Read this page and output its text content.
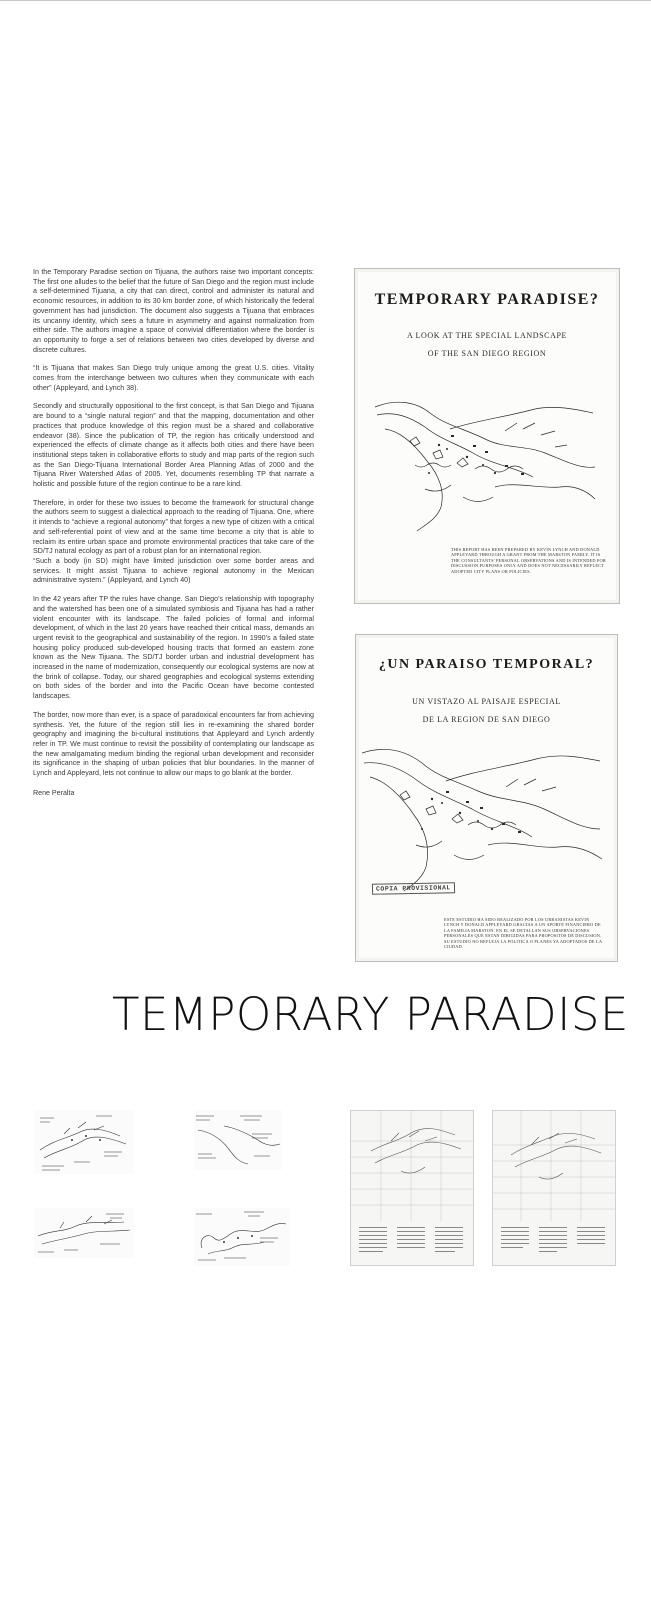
In the Temporary Paradise section on Tijuana, the authors raise two important concepts: The first one alludes to the belief that the future of San Diego and the region must include a self-determined Tijuana, a city that can direct, control and administer its natural and economic resources, in addition to its 30 km border zone, of which historically the federal government has had jurisdiction. The document also suggests a Tijuana that embraces its uncanny identity, which sees a future in asymmetry and against normalization from either side. The authors imagine a space of convivial differentiation where the border is an opportunity to forge a set of relations between two cities developed by diverse and discrete cultures.

“It is Tijuana that makes San Diego truly unique among the great U.S. cities. Vitality comes from the interchange between two cultures when they communicate with each other” (Appleyard, and Lynch 38).

Secondly and structurally oppositional to the first concept, is that San Diego and Tijuana are bound to a “single natural region” and that the mapping, documentation and other practices that produce knowledge of this region must be a shared and collaborative endeavor (38). Since the publication of TP, the region has critically understood and experienced the effects of climate change as it affects both cities and there have been institutional steps taken in collaborative efforts to study and map parts of the region such as the San Diego-Tijuana International Border Area Planning Atlas of 2000 and the Tijuana River Watershed Atlas of 2005. Yet, documents resembling TP that narrate a holistic and possible future of the region continue to be a rare kind.

Therefore, in order for these two issues to become the framework for structural change the authors seem to suggest a dialectical approach to the reading of Tijuana. One, where it intends to “achieve a regional autonomy” that forges a new type of citizen with a critical and self-referential point of view and at the same time become a city that is able to reclaim its entire urban space and promote environmental practices that take care of the SD/TJ natural ecology as part of a robust plan for an international region.

“Such a body (in SD) might have limited jurisdiction over some border areas and services. It might assist Tijuana to achieve regional autonomy in the Mexican administrative system.” (Appleyard, and Lynch 40)

In the 42 years after TP the rules have change. San Diego’s relationship with topography and the watershed has been one of a simulated symbiosis and Tijuana has had a rather violent encounter with its landscape. The failed policies of formal and informal development, of which in the last 20 years have reached their critical mass, demands an urgent revisit to the geographical and sustainability of the region. In 1990’s a failed state housing policy produced sub-developed housing tracts that formed an eastern zone known as the New Tijuana. The SD/TJ border urban and industrial development has increased in the name of modernization, consequently our ecological systems are now at the brink of collapse. Today, our shared geographies and ecological systems extending on both sides of the border and into the Pacific Ocean have become contested landscapes.

The border, now more than ever, is a space of paradoxical encounters far from achieving synthesis. Yet, the future of the region still lies in re-examining the shared border geography and imagining the bi-cultural institutions that Appleyard and Lynch ardently refer in TP. We must continue to revisit the possibility of contemplating our landscape as the new amalgamating medium binding the regional urban development and reconsider its significance in the shaping of urban policies that blur boundaries. In the manner of Lynch and Appleyard, lets not continue to allow our maps to go blank at the border.

Rene Peralta
TEMPORARY PARADISE?
A LOOK AT THE SPECIAL LANDSCAPE
OF THE SAN DIEGO REGION
THIS REPORT HAS BEEN PREPARED BY KEVIN LYNCH AND DONALD APPLEYARD THROUGH A GRANT FROM THE MARSTON FAMILY. IT IS THE CONSULTANTS' PERSONAL OBSERVATIONS AND IS INTENDED FOR DISCUSSION PURPOSES ONLY AND DOES NOT NECESSARILY REFLECT ADOPTED CITY PLANS OR POLICIES.
¿UN PARAISO TEMPORAL?
UN VISTAZO AL PAISAJE ESPECIAL
DE LA REGION DE SAN DIEGO
COPIA PROVISIONAL
ESTE ESTUDIO HA SIDO REALIZADO POR LOS URBANISTAS KEVIN LYNCH Y DONALD APPLEYARD GRACIAS A UN APORTE FINANCIERO DE LA FAMILIA MARSTON. EN EL SE DETALLAN SUS OBSERVACIONES PERSONALES QUE ESTAN DIRIGIDAS PARA PROPOSITOS DE DISCUSION. SU ESTUDIO NO REFLEJA LA POLITICA O PLANES YA ADOPTADOS DE LA CIUDAD.
TEMPORARY PARADISE
